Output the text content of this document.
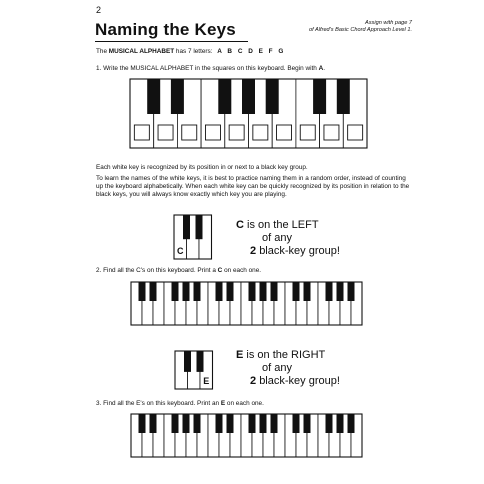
2
Naming the Keys	Assign with page 7
of Alfred's Basic Chord Approach Level 1.
The MUSICAL ALPHABET has 7 letters: A B C D E F G
1. Write the MUSICAL ALPHABET in the squares on this keyboard. Begin with A.
Each white key is recognized by its position in or next to a black key group.
To learn the names of the white keys, it is best to practice naming them in a random order, instead of counting up the keyboard alphabetically. When each white key can be quickly recognized by its position in relation to the black keys, you will always know exactly which key you are playing.
C
C is on the LEFT
of any
2 black-key group!
2. Find all the C's on this keyboard. Print a C on each one.
E
E is on the RIGHT
of any
2 black-key group!
3. Find all the E's on this keyboard. Print an E on each one.
